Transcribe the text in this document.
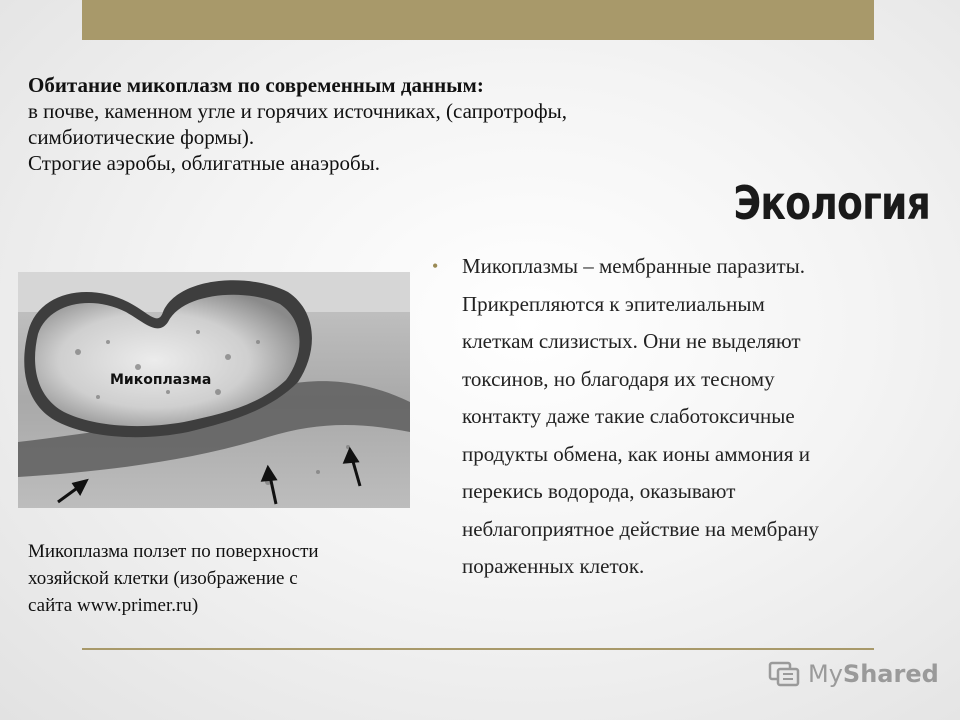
Обитание микоплазм по современным данным:
в почве, каменном угле и горячих источниках, (сапротрофы,
симбиотические формы).
Строгие аэробы, облигатные анаэробы.
Экология
• Микоплазмы – мембранные паразиты.
Прикрепляются к эпителиальным
клеткам слизистых. Они не выделяют
токсинов, но благодаря их тесному
контакту даже такие слаботоксичные
продукты обмена, как ионы аммония и
перекись водорода, оказывают
неблагоприятное действие на мембрану
пораженных клеток.
Микоплазма
Микоплазма ползет по поверхности
хозяйской клетки (изображение с
сайта www.primer.ru)
MyShared
